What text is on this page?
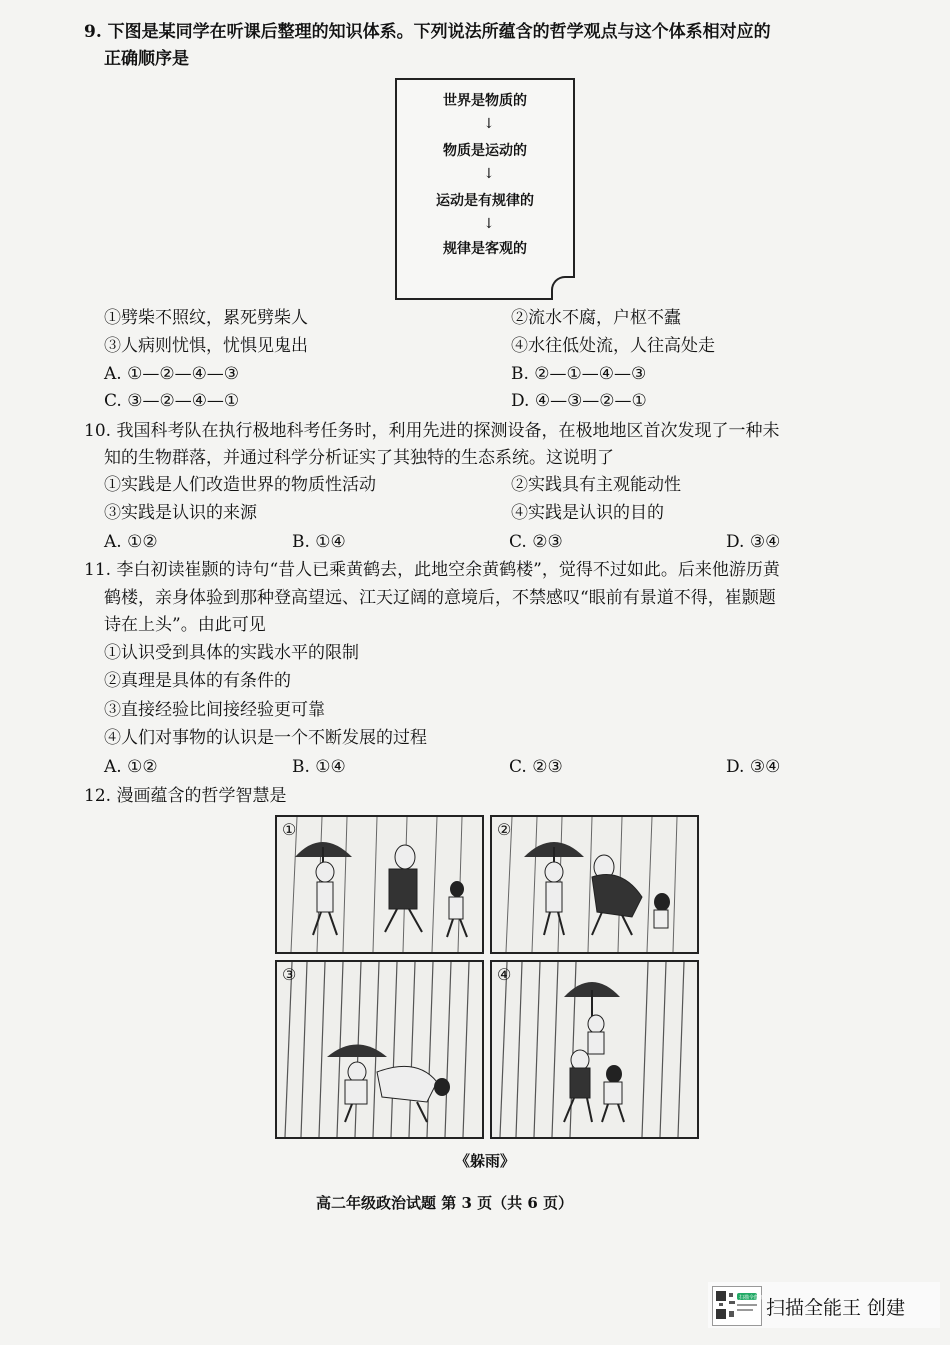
9. 下图是某同学在听课后整理的知识体系。下列说法所蕴含的哲学观点与这个体系相对应的
正确顺序是
世界是物质的
↓
物质是运动的
↓
运动是有规律的
↓
规律是客观的
①劈柴不照纹，累死劈柴人	②流水不腐，户枢不蠹
③人病则忧惧，忧惧见鬼出	④水往低处流，人往高处走
A. ①—②—④—③	B. ②—①—④—③
C. ③—②—④—①	D. ④—③—②—①
10. 我国科考队在执行极地科考任务时，利用先进的探测设备，在极地地区首次发现了一种未
知的生物群落，并通过科学分析证实了其独特的生态系统。这说明了
①实践是人们改造世界的物质性活动	②实践具有主观能动性
③实践是认识的来源	④实践是认识的目的
A. ①②	B. ①④	C. ②③	D. ③④
11. 李白初读崔颢的诗句“昔人已乘黄鹤去，此地空余黄鹤楼”，觉得不过如此。后来他游历黄
鹤楼，亲身体验到那种登高望远、江天辽阔的意境后，不禁感叹“眼前有景道不得，崔颢题
诗在上头”。由此可见
①认识受到具体的实践水平的限制
②真理是具体的有条件的
③直接经验比间接经验更可靠
④人们对事物的认识是一个不断发展的过程
A. ①②	B. ①④	C. ②③	D. ③④
12. 漫画蕴含的哲学智慧是
①	②
③	④
《躲雨》
高二年级政治试题 第 3 页（共 6 页）
扫描全能王 扫描全能王 创建
